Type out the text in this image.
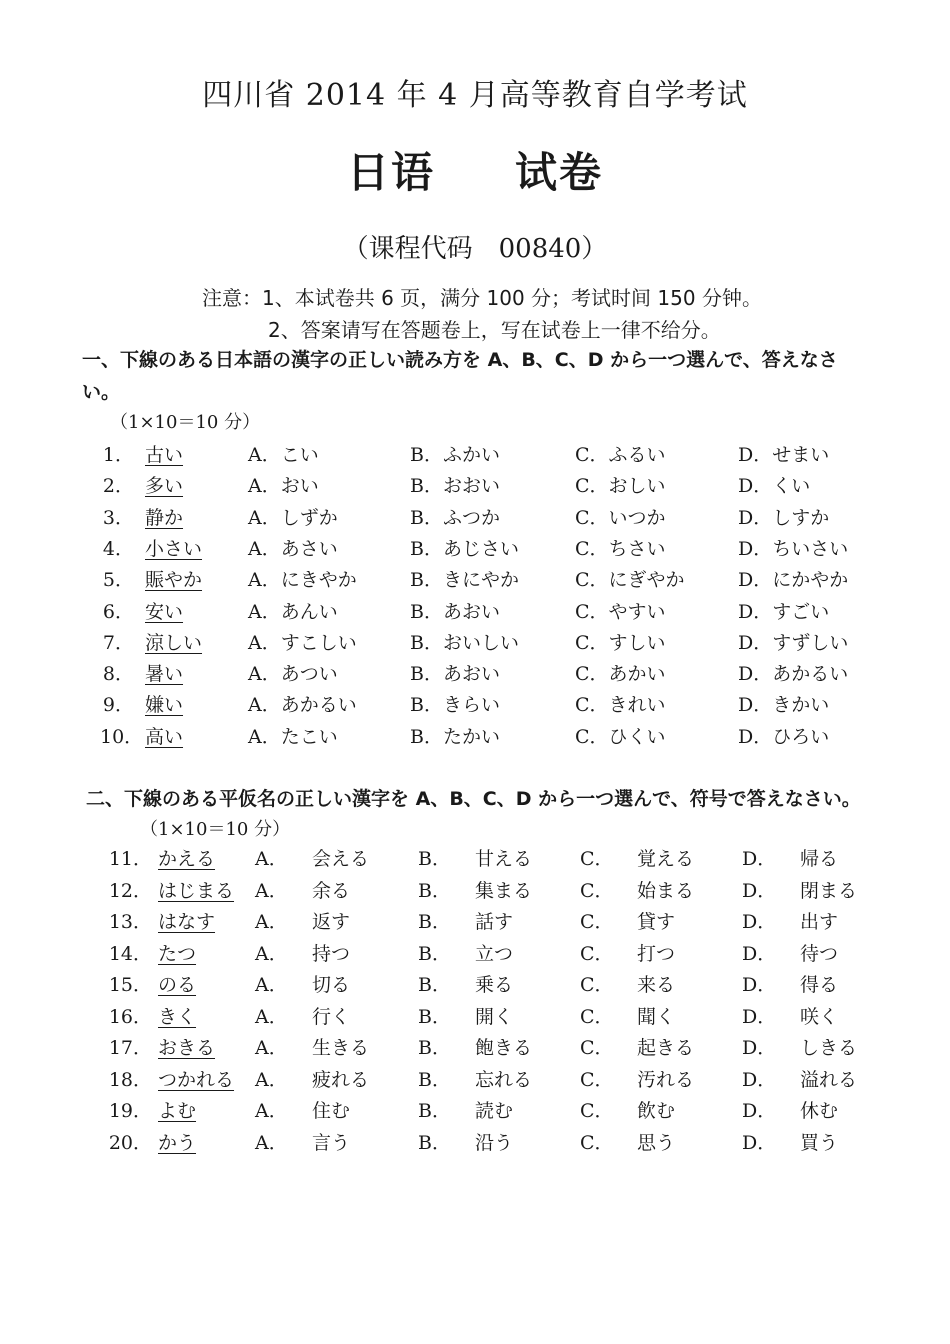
四川省 2014 年 4 月高等教育自学考试
日语 试卷
（课程代码　00840）
注意：1、本试卷共 6 页，满分 100 分；考试时间 150 分钟。
2、答案请写在答题卷上，写在试卷上一律不给分。
一、下線のある日本語の漢字の正しい読み方を A、B、C、D から一つ選んで、答えなさい。
（1×10＝10 分）
1． 古い	A．こい	B．ふかい	C．ふるい	D．せまい
2． 多い	A．おい	B．おおい	C．おしい	D．くい
3． 静か	A．しずか	B．ふつか	C．いつか	D．しすか
4． 小さい A．あさい	B．あじさい	C．ちさい	D．ちいさい
5． 賑やか A．にきやか	B．きにやか	C．にぎやか	D．にかやか
6． 安い	A．あんい	B．あおい	C．やすい	D．すごい
7． 涼しい A．すこしい	B．おいしい	C．すしい	D．すずしい
8． 暑い	A．あつい	B．あおい	C．あかい	D．あかるい
9． 嫌い	A．あかるい	B．きらい	C．きれい	D．きかい
10． 高い	A．たこい	B．たかい	C．ひくい	D．ひろい
二、下線のある平仮名の正しい漢字を A、B、C、D から一つ選んで、符号で答えなさい。
（1×10＝10 分）
11． かえる A． 会える	B． 甘える	C． 覚える	D． 帰る
12． はじまる A． 余る	B． 集まる	C． 始まる	D． 閉まる
13． はなす A． 返す	B． 話す	C． 貸す	D． 出す
14． たつ	A． 持つ	B． 立つ	C． 打つ	D． 待つ
15． のる	A． 切る	B． 乗る	C． 来る	D． 得る
16． きく	A． 行く	B． 開く	C． 聞く	D． 咲く
17． おきる A． 生きる	B． 飽きる	C． 起きる	D． しきる
18． つかれる A． 疲れる	B． 忘れる	C． 汚れる	D． 溢れる
19． よむ	A． 住む	B． 読む	C． 飲む	D． 休む
20． かう	A． 言う	B． 沿う	C． 思う	D． 買う
